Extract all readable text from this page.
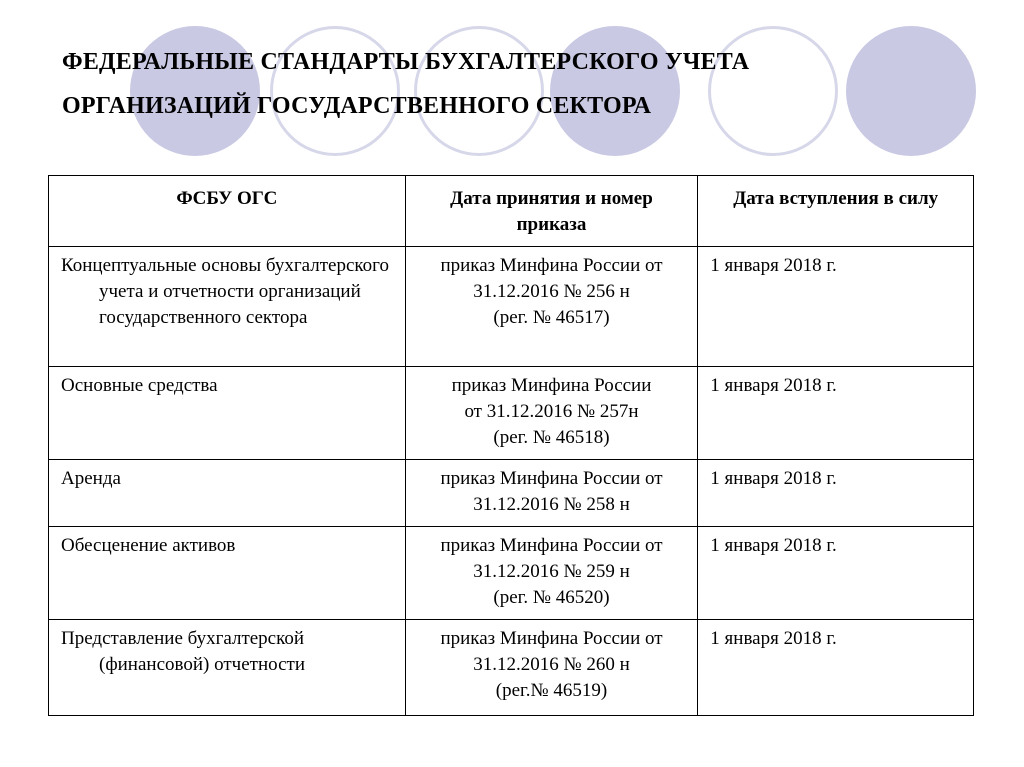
ФЕДЕРАЛЬНЫЕ СТАНДАРТЫ БУХГАЛТЕРСКОГО УЧЕТА
ОРГАНИЗАЦИЙ ГОСУДАРСТВЕННОГО СЕКТОРА
ФСБУ ОГС	Дата принятия и номер приказа	Дата вступления в силу
Концептуальные основы бухгалтерского учета и отчетности организаций государственного сектора	приказ Минфина России от
31.12.2016 № 256 н
(рег. № 46517)	1 января 2018 г.
Основные средства	приказ Минфина России
от 31.12.2016 № 257н
(рег. № 46518)	1 января 2018 г.
Аренда	приказ Минфина России от
31.12.2016 № 258 н	1 января 2018 г.
Обесценение активов	приказ Минфина России от
31.12.2016 № 259 н
(рег. № 46520)	1 января 2018 г.
Представление бухгалтерской (финансовой) отчетности	приказ Минфина России от
31.12.2016 № 260 н
(рег.№ 46519)	1 января 2018 г.
